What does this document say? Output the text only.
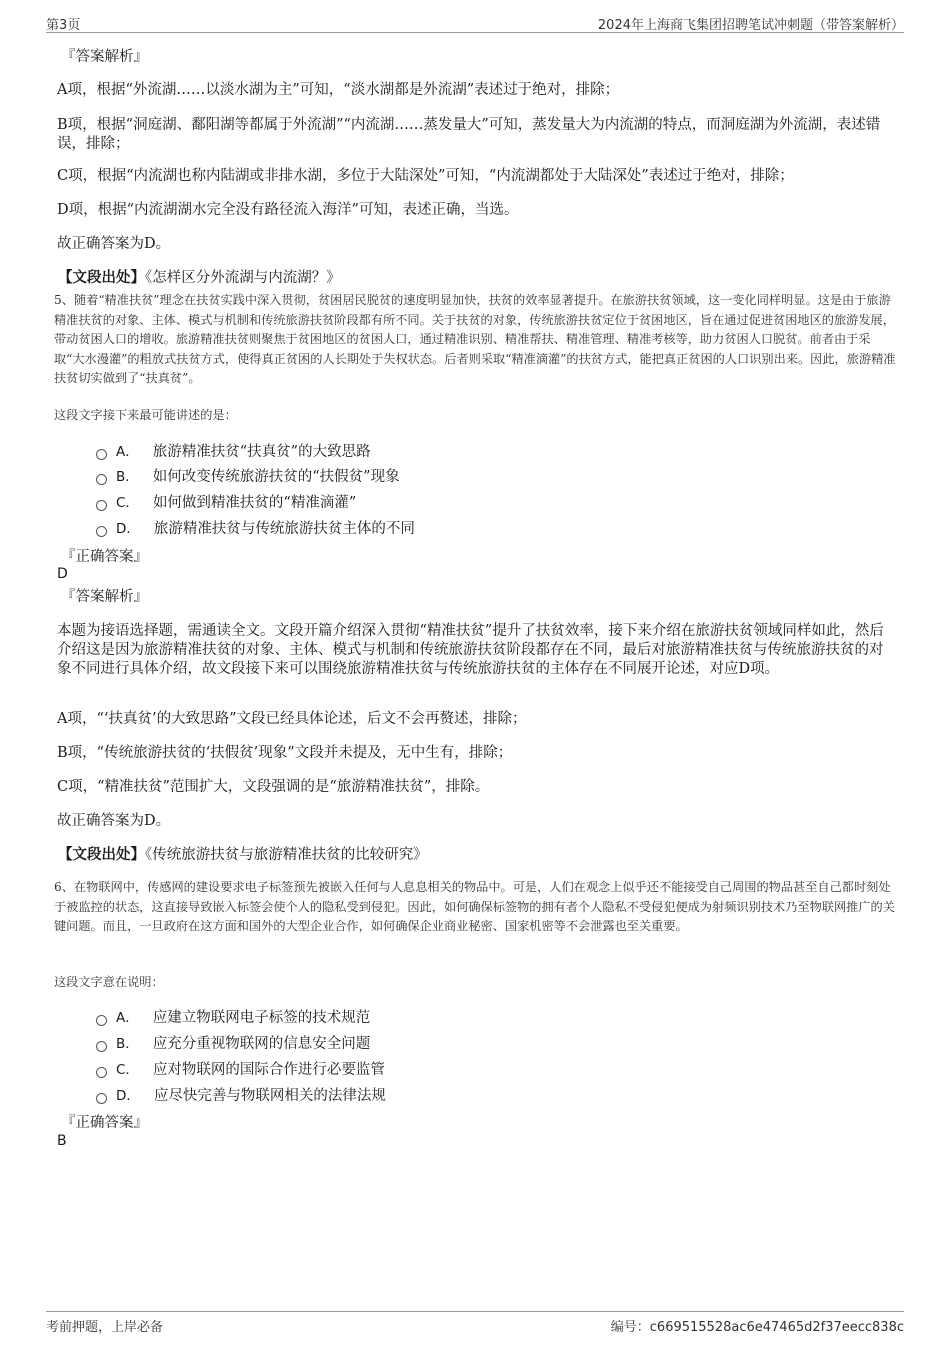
第3页	2024年上海商飞集团招聘笔试冲刺题（带答案解析）
『答案解析』
A项，根据“外流湖……以淡水湖为主”可知，“淡水湖都是外流湖”表述过于绝对，排除；
B项，根据“洞庭湖、鄱阳湖等都属于外流湖”“内流湖……蒸发量大”可知，蒸发量大为内流湖的特点，而洞庭湖为外流湖，表述错误，排除；
C项，根据“内流湖也称内陆湖或非排水湖，多位于大陆深处”可知，“内流湖都处于大陆深处”表述过于绝对，排除；
D项，根据“内流湖湖水完全没有路径流入海洋”可知，表述正确，当选。
故正确答案为D。
【文段出处】《怎样区分外流湖与内流湖？》
5、随着“精准扶贫”理念在扶贫实践中深入贯彻，贫困居民脱贫的速度明显加快，扶贫的效率显著提升。在旅游扶贫领域，这一变化同样明显。这是由于旅游精准扶贫的对象、主体、模式与机制和传统旅游扶贫阶段都有所不同。关于扶贫的对象，传统旅游扶贫定位于贫困地区，旨在通过促进贫困地区的旅游发展，带动贫困人口的增收。旅游精准扶贫则聚焦于贫困地区的贫困人口，通过精准识别、精准帮扶、精准管理、精准考核等，助力贫困人口脱贫。前者由于采取“大水漫灌”的粗放式扶贫方式，使得真正贫困的人长期处于失权状态。后者则采取“精准滴灌”的扶贫方式，能把真正贫困的人口识别出来。因此，旅游精准扶贫切实做到了“扶真贫”。
这段文字接下来最可能讲述的是：
A． 旅游精准扶贫“扶真贫”的大致思路
B． 如何改变传统旅游扶贫的“扶假贫”现象
C． 如何做到精准扶贫的“精准滴灌”
D． 旅游精准扶贫与传统旅游扶贫主体的不同
『正确答案』
D
『答案解析』
本题为接语选择题，需通读全文。文段开篇介绍深入贯彻“精准扶贫”提升了扶贫效率，接下来介绍在旅游扶贫领域同样如此，然后介绍这是因为旅游精准扶贫的对象、主体、模式与机制和传统旅游扶贫阶段都存在不同，最后对旅游精准扶贫与传统旅游扶贫的对象不同进行具体介绍，故文段接下来可以围绕旅游精准扶贫与传统旅游扶贫的主体存在不同展开论述，对应D项。
A项，“‘扶真贫’的大致思路”文段已经具体论述，后文不会再赘述，排除；
B项，“传统旅游扶贫的‘扶假贫’现象”文段并未提及，无中生有，排除；
C项，“精准扶贫”范围扩大，文段强调的是“旅游精准扶贫”，排除。
故正确答案为D。
【文段出处】《传统旅游扶贫与旅游精准扶贫的比较研究》
6、在物联网中，传感网的建设要求电子标签预先被嵌入任何与人息息相关的物品中。可是，人们在观念上似乎还不能接受自己周围的物品甚至自己都时刻处于被监控的状态，这直接导致嵌入标签会使个人的隐私受到侵犯。因此，如何确保标签物的拥有者个人隐私不受侵犯便成为射频识别技术乃至物联网推广的关键问题。而且，一旦政府在这方面和国外的大型企业合作，如何确保企业商业秘密、国家机密等不会泄露也至关重要。
这段文字意在说明：
A． 应建立物联网电子标签的技术规范
B． 应充分重视物联网的信息安全问题
C． 应对物联网的国际合作进行必要监管
D． 应尽快完善与物联网相关的法律法规
『正确答案』
B
考前押题，上岸必备	编号：c669515528ac6e47465d2f37eecc838c
